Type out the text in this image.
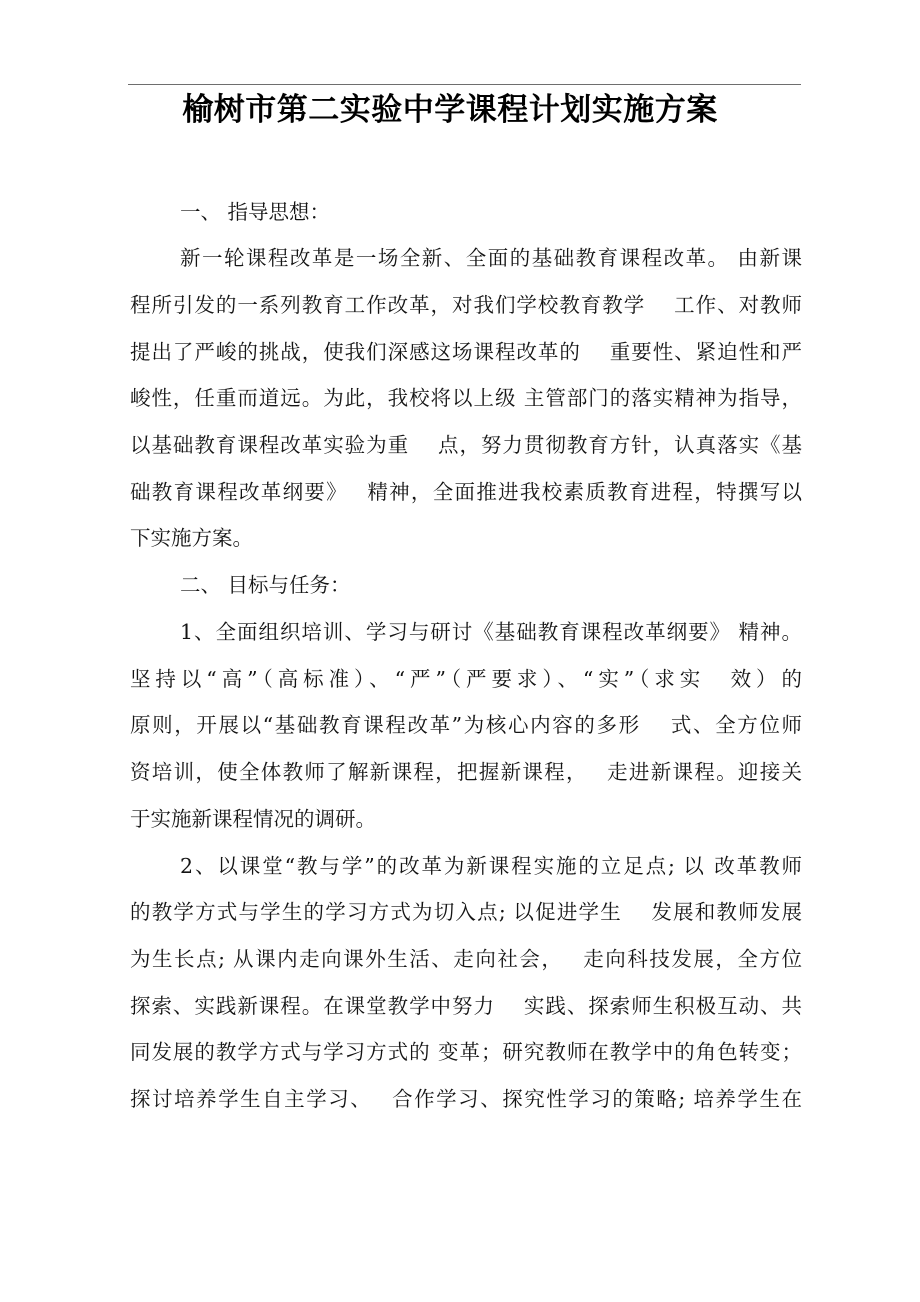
榆树市第二实验中学课程计划实施方案
一、 指导思想：
新一轮课程改革是一场全新、全面的基础教育课程改革。 由新课
程所引发的一系列教育工作改革，对我们学校教育教学　 工作、对教师
提出了严峻的挑战，使我们深感这场课程改革的　 重要性、紧迫性和严
峻性，任重而道远。为此，我校将以上级 主管部门的落实精神为指导，
以基础教育课程改革实验为重　 点，努力贯彻教育方针，认真落实《基
础教育课程改革纲要》　 精神，全面推进我校素质教育进程，特撰写以
下实施方案。
二、 目标与任务：
1、全面组织培训、学习与研讨《基础教育课程改革纲要》 精神。
坚持以“高”（高标准）、“严”（严要求）、“实”（求实　效）的
原则，开展以“基础教育课程改革”为核心内容的多形　 式、全方位师
资培训，使全体教师了解新课程，把握新课程，　 走进新课程。迎接关
于实施新课程情况的调研。
2、以课堂“教与学”的改革为新课程实施的立足点; 以 改革教师
的教学方式与学生的学习方式为切入点; 以促进学生　 发展和教师发展
为生长点; 从课内走向课外生活、走向社会，　 走向科技发展，全方位
探索、实践新课程。在课堂教学中努力　 实践、探索师生积极互动、共
同发展的教学方式与学习方式的 变革；研究教师在教学中的角色转变；
探讨培养学生自主学习、　 合作学习、探究性学习的策略; 培养学生在
